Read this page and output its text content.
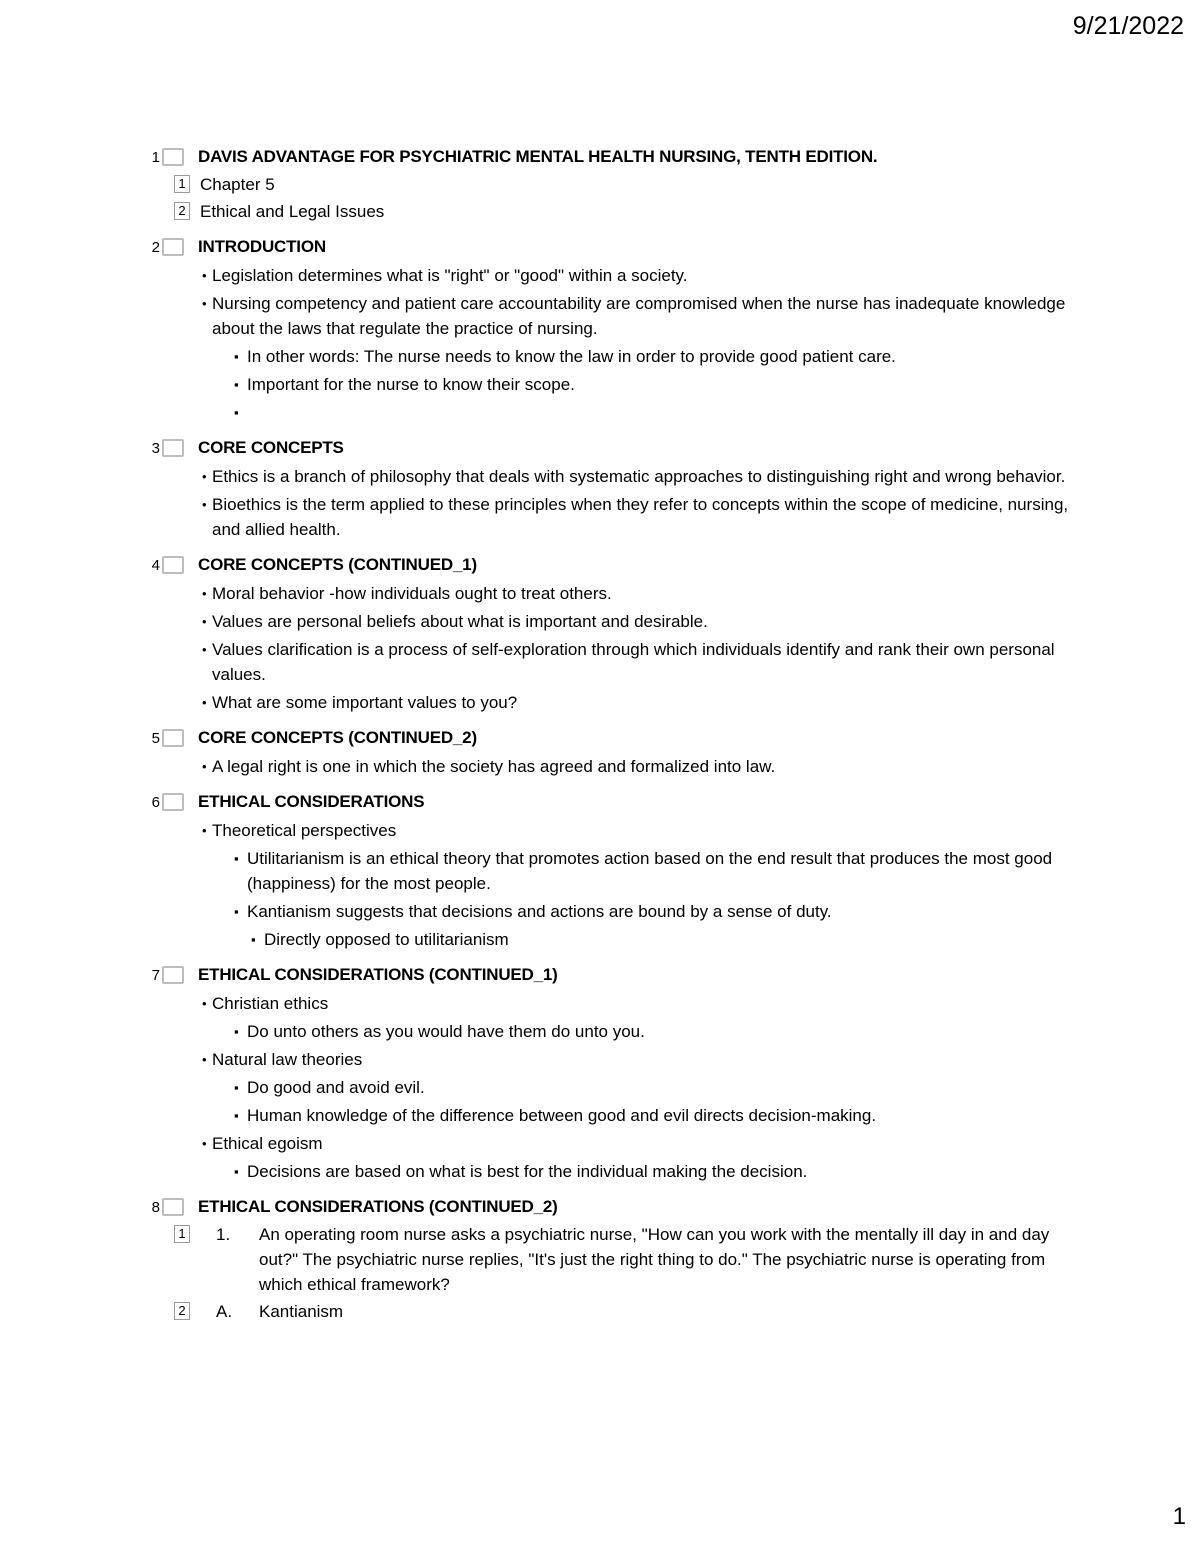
9/21/2022
1 DAVIS ADVANTAGE FOR PSYCHIATRIC MENTAL HEALTH NURSING, TENTH EDITION.
1 Chapter 5
2 Ethical and Legal Issues
2 INTRODUCTION
• Legislation determines what is "right" or "good" within a society.
• Nursing competency and patient care accountability are compromised when the nurse has inadequate knowledge about the laws that regulate the practice of nursing.
▪ In other words: The nurse needs to know the law in order to provide good patient care.
▪ Important for the nurse to know their scope.
▪
3 CORE CONCEPTS
• Ethics is a branch of philosophy that deals with systematic approaches to distinguishing right and wrong behavior.
• Bioethics is the term applied to these principles when they refer to concepts within the scope of medicine, nursing, and allied health.
4 CORE CONCEPTS (CONTINUED_1)
• Moral behavior -how individuals ought to treat others.
• Values are personal beliefs about what is important and desirable.
• Values clarification is a process of self-exploration through which individuals identify and rank their own personal values.
• What are some important values to you?
5 CORE CONCEPTS (CONTINUED_2)
• A legal right is one in which the society has agreed and formalized into law.
6 ETHICAL CONSIDERATIONS
• Theoretical perspectives
▪ Utilitarianism is an ethical theory that promotes action based on the end result that produces the most good (happiness) for the most people.
▪ Kantianism suggests that decisions and actions are bound by a sense of duty.
▪ Directly opposed to utilitarianism
7 ETHICAL CONSIDERATIONS (CONTINUED_1)
• Christian ethics
▪ Do unto others as you would have them do unto you.
• Natural law theories
▪ Do good and avoid evil.
▪ Human knowledge of the difference between good and evil directs decision-making.
• Ethical egoism
▪ Decisions are based on what is best for the individual making the decision.
8 ETHICAL CONSIDERATIONS (CONTINUED_2)
1	1.	An operating room nurse asks a psychiatric nurse, "How can you work with the mentally ill day in and day out?" The psychiatric nurse replies, "It's just the right thing to do." The psychiatric nurse is operating from which ethical framework?
2	A.	Kantianism
1
